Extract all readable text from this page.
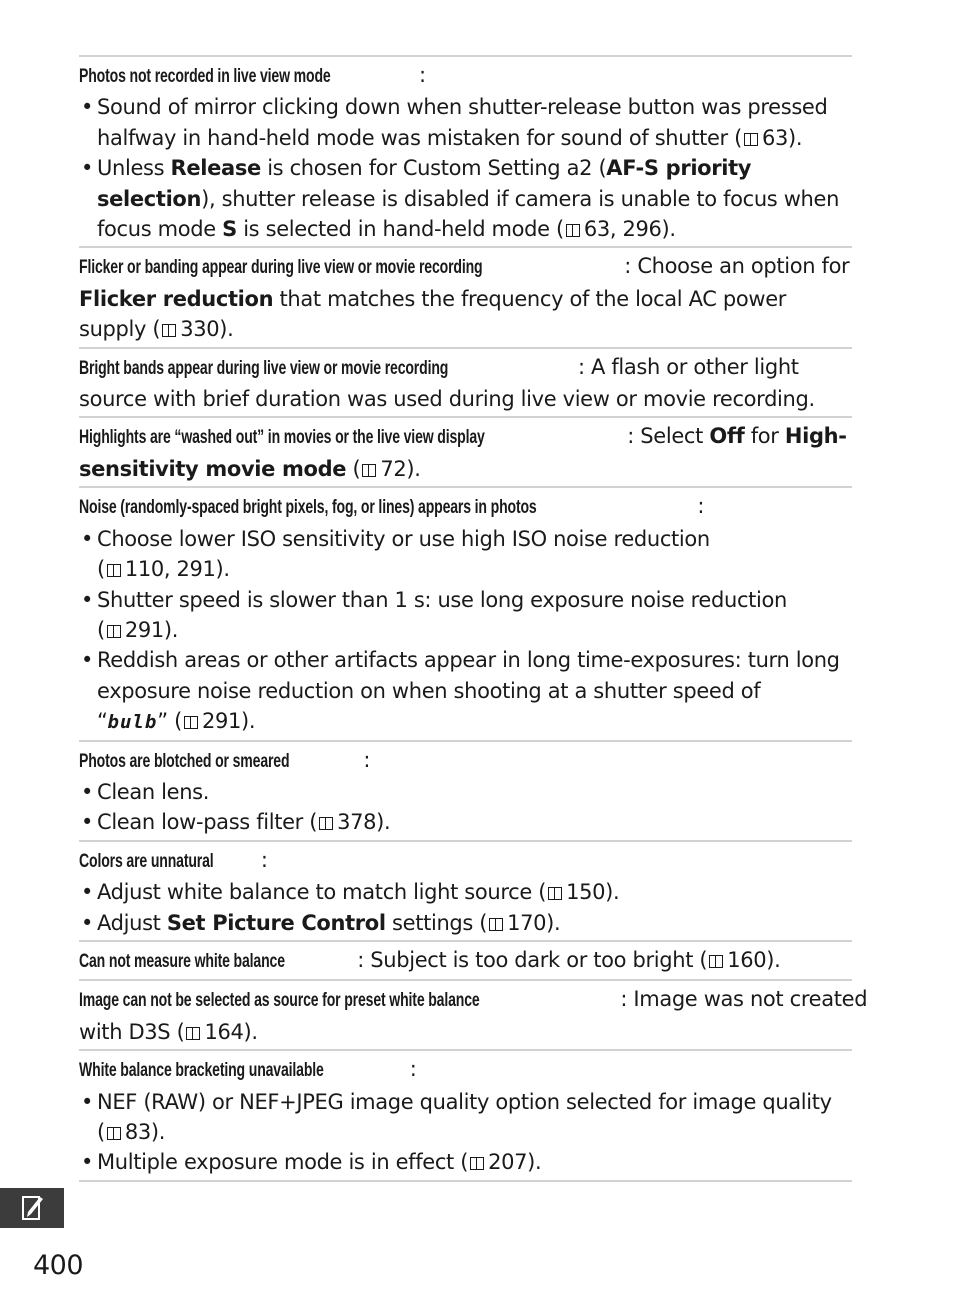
Photos not recorded in live view mode	:
• Sound of mirror clicking down when shutter-release button was pressed
halfway in hand-held mode was mistaken for sound of shutter ( 63).
• Unless Release is chosen for Custom Setting a2 (AF-S priority
selection), shutter release is disabled if camera is unable to focus when
focus mode S is selected in hand-held mode ( 63, 296).
Flicker or banding appear during live view or movie recording	: Choose an option for
Flicker reduction that matches the frequency of the local AC power
supply ( 330).
Bright bands appear during live view or movie recording	: A flash or other light
source with brief duration was used during live view or movie recording.
Highlights are “washed out” in movies or the live view display	: Select Off for High-
sensitivity movie mode ( 72).
Noise (randomly-spaced bright pixels, fog, or lines) appears in photos	:
• Choose lower ISO sensitivity or use high ISO noise reduction
( 110, 291).
• Shutter speed is slower than 1 s: use long exposure noise reduction
( 291).
• Reddish areas or other artifacts appear in long time-exposures: turn long
exposure noise reduction on when shooting at a shutter speed of
“bulb” ( 291).
Photos are blotched or smeared	:
• Clean lens.
• Clean low-pass filter ( 378).
Colors are unnatural :
• Adjust white balance to match light source ( 150).
• Adjust Set Picture Control settings ( 170).
Can not measure white balance	: Subject is too dark or too bright ( 160).
Image can not be selected as source for preset white balance	: Image was not created
with D3S ( 164).
White balance bracketing unavailable	:
• NEF (RAW) or NEF+JPEG image quality option selected for image quality
( 83).
• Multiple exposure mode is in effect ( 207).
400
